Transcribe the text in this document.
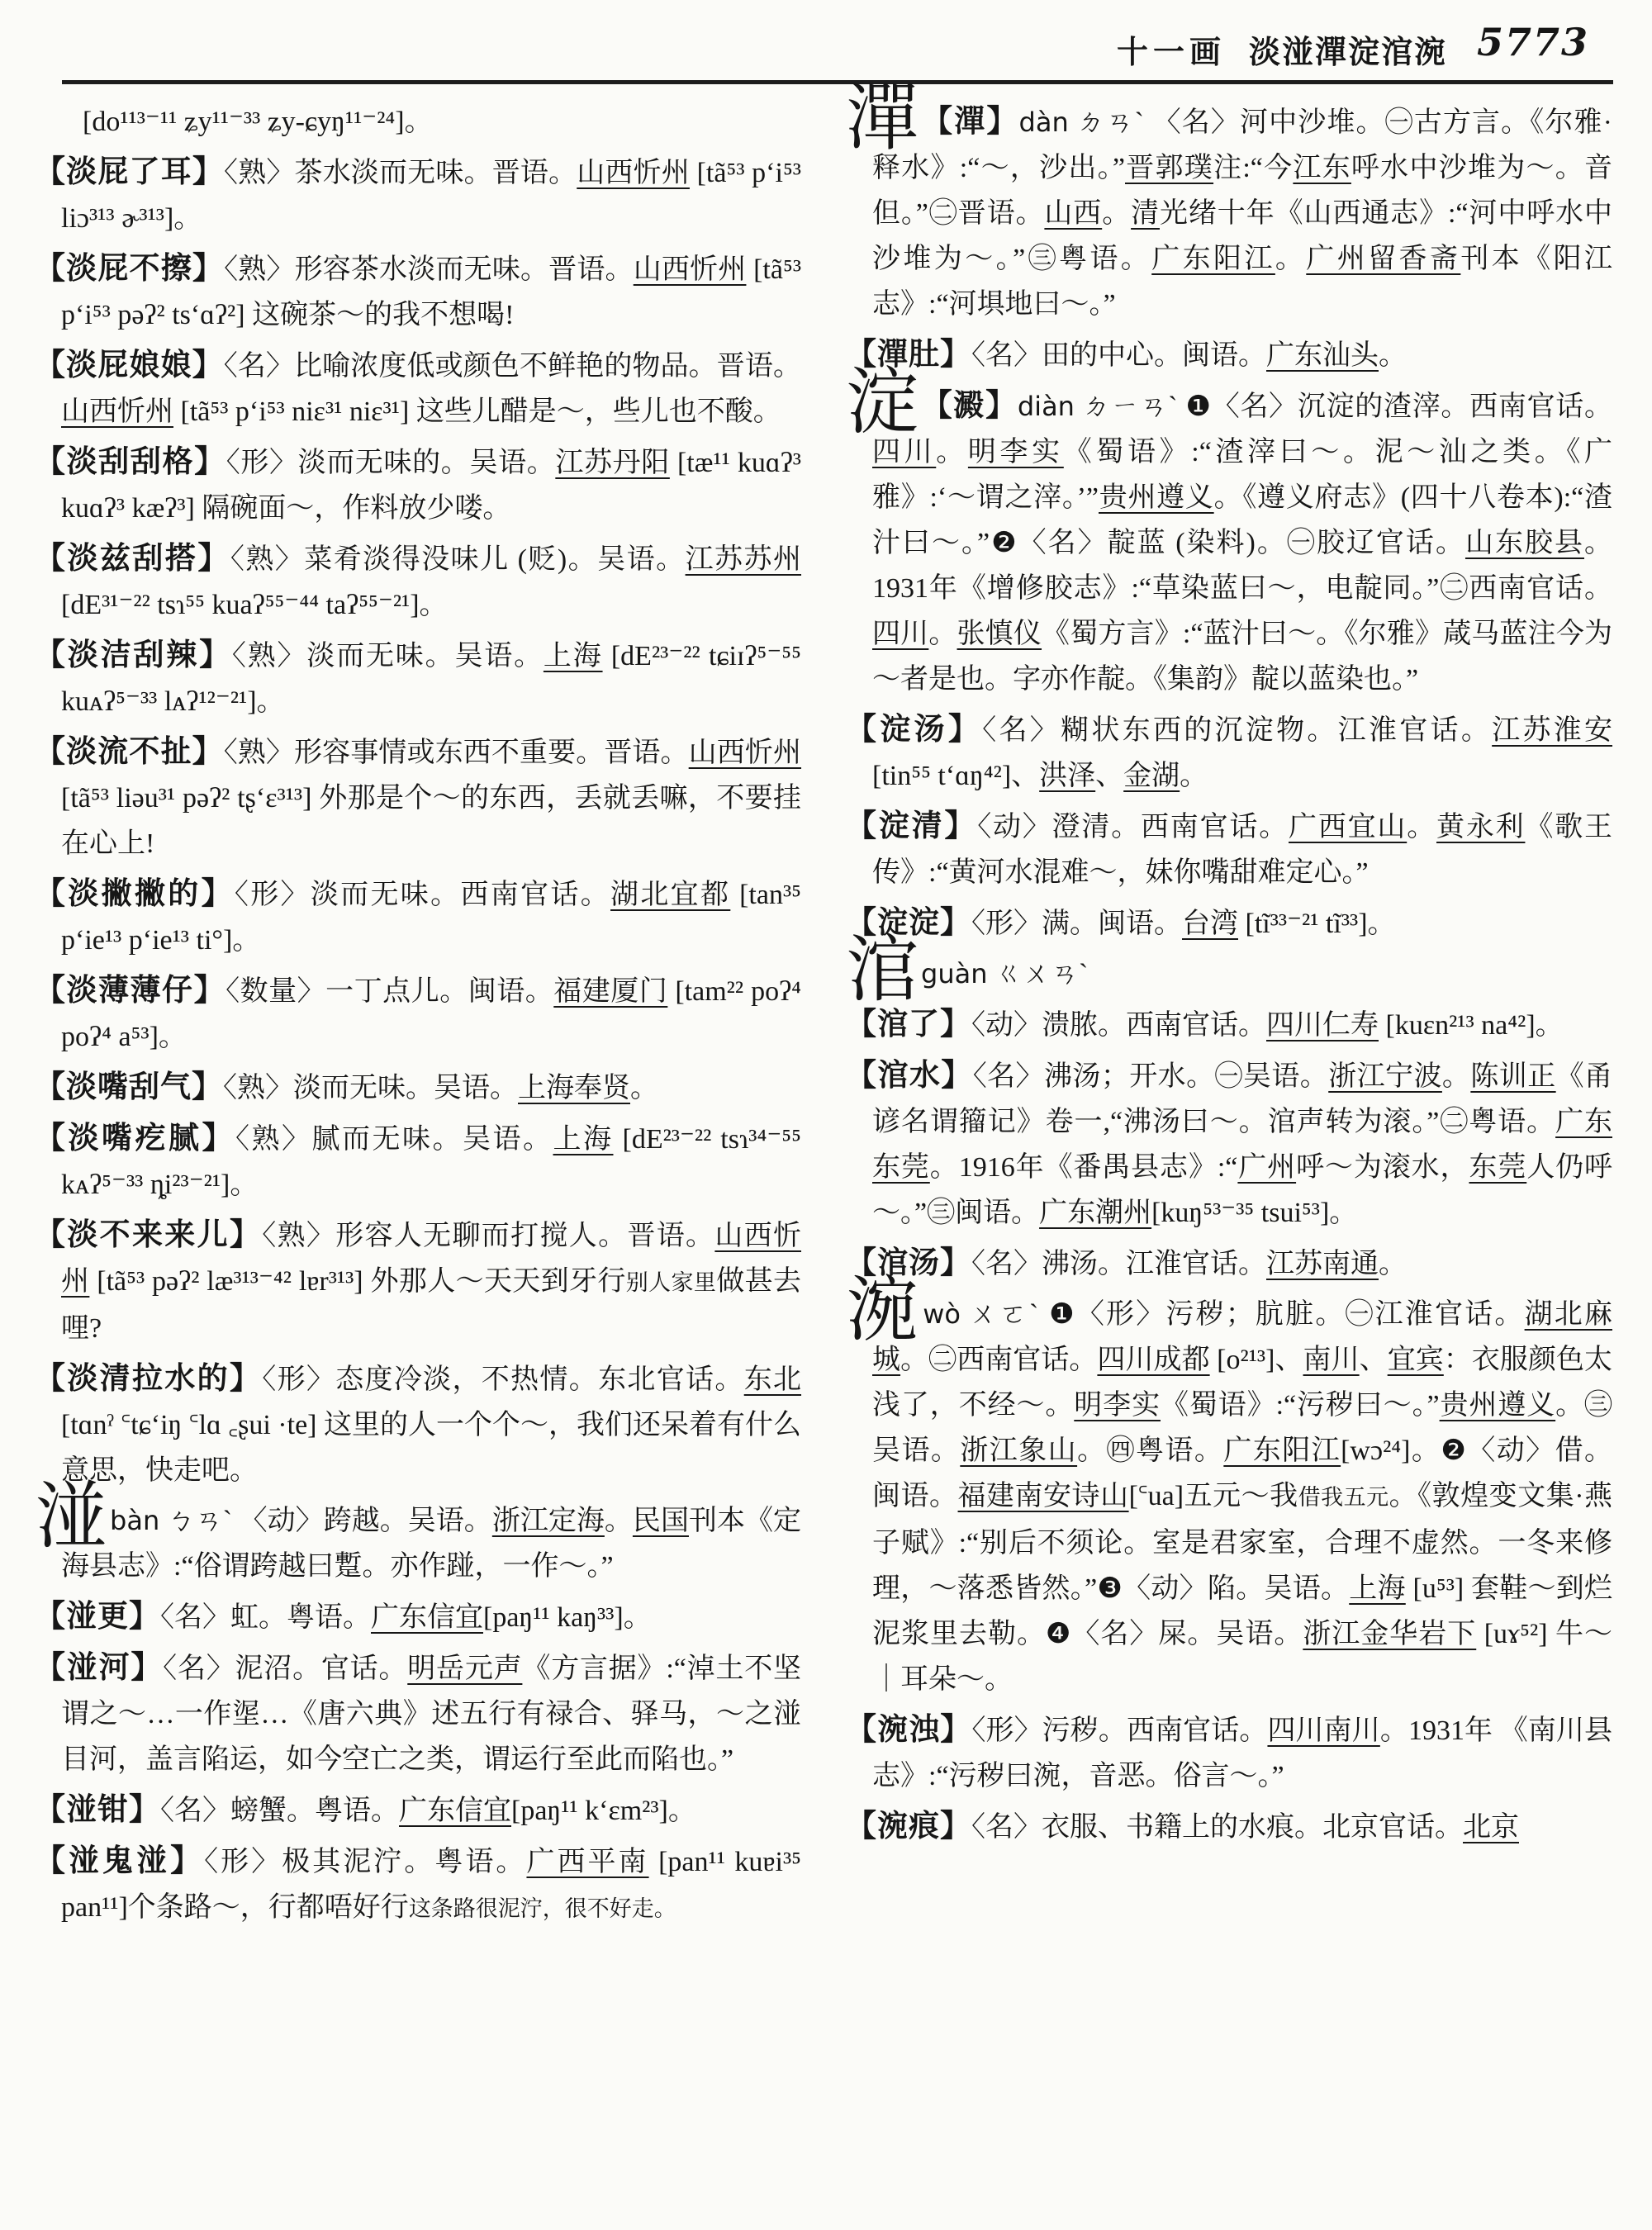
十一画 淡湴潬淀涫涴 5773

[do¹¹³⁻¹¹ ʑy¹¹⁻³³ ʑy-ɕyŋ¹¹⁻²⁴]。

【淡屁了耳】〈熟〉茶水淡而无味。晋语。山西忻州 [tã⁵³ p‘i⁵³ liɔ³¹³ ɚ³¹³]。

【淡屁不擦】〈熟〉形容茶水淡而无味。晋语。山西忻州 [tã⁵³ p‘i⁵³ pəʔ² ts‘ɑʔ²] 这碗茶～的我不想喝!

【淡屁娘娘】〈名〉比喻浓度低或颜色不鲜艳的物品。晋语。山西忻州 [tã⁵³ p‘i⁵³ niɛ³¹ niɛ³¹] 这些儿醋是～，些儿也不酸。

【淡刮刮格】〈形〉淡而无味的。吴语。江苏丹阳 [tæ¹¹ kuɑʔ³ kuɑʔ³ kæʔ³] 隔碗面～，作料放少喽。

【淡兹刮搭】〈熟〉菜肴淡得没味儿 (贬)。吴语。江苏苏州 [dE³¹⁻²² tsɿ⁵⁵ kuaʔ⁵⁵⁻⁴⁴ taʔ⁵⁵⁻²¹]。

【淡洁刮辣】〈熟〉淡而无味。吴语。上海 [dE²³⁻²² tɕiɪʔ⁵⁻⁵⁵ kuᴀʔ⁵⁻³³ lᴀʔ¹²⁻²¹]。

【淡流不扯】〈熟〉形容事情或东西不重要。晋语。山西忻州 [tã⁵³ liəu³¹ pəʔ² tʂ‘ɛ³¹³] 外那是个～的东西，丢就丢嘛，不要挂在心上!

【淡撇撇的】〈形〉淡而无味。西南官话。湖北宜都 [tan³⁵ p‘ie¹³ p‘ie¹³ ti°]。

【淡薄薄仔】〈数量〉一丁点儿。闽语。福建厦门 [tam²² poʔ⁴ poʔ⁴ a⁵³]。

【淡嘴刮气】〈熟〉淡而无味。吴语。上海奉贤。

【淡嘴疙腻】〈熟〉腻而无味。吴语。上海 [dE²³⁻²² tsɿ³⁴⁻⁵⁵ kᴀʔ⁵⁻³³ ȵi²³⁻²¹]。

【淡不来来儿】〈熟〉形容人无聊而打搅人。晋语。山西忻州 [tã⁵³ pəʔ² læ³¹³⁻⁴² lɐr³¹³] 外那人～天天到牙行别人家里做甚去哩?

【淡清拉水的】〈形〉态度冷淡，不热情。东北官话。东北 [tɑnˀ ꜂tɕ‘iŋ ꜂lɑ ꜀ʂui ·te] 这里的人一个个～，我们还呆着有什么意思，快走吧。

湴bàn ㄅㄢˋ 〈动〉跨越。吴语。浙江定海。民国刊本《定海县志》:“俗谓跨越曰蹔。亦作踫，一作～。”

【湴更】〈名〉虹。粤语。广东信宜[paŋ¹¹ kaŋ³³]。

【湴河】〈名〉泥沼。官话。明岳元声《方言据》:“淖土不坚谓之～…一作埿…《唐六典》述五行有禄合、驿马，～之湴目河，盖言陷运，如今空亡之类，谓运行至此而陷也。”

【湴钳】〈名〉螃蟹。粤语。广东信宜[paŋ¹¹ k‘ɛm²³]。

【湴鬼湴】〈形〉极其泥泞。粤语。广西平南 [pan¹¹ kuɐi³⁵ pan¹¹]个条路～，行都唔好行这条路很泥泞，很不好走。

潬【潬】dàn ㄉㄢˋ 〈名〉河中沙堆。㊀古方言。《尔雅·释水》:“～，沙出。”晋郭璞注:“今江东呼水中沙堆为～。音但。”㊁晋语。山西。清光绪十年《山西通志》:“河中呼水中沙堆为～。”㊂粤语。广东阳江。广州留香斋刊本《阳江志》:“河埧地曰～。”

【潬肚】〈名〉田的中心。闽语。广东汕头。

淀【澱】diàn ㄉㄧㄢˋ ❶〈名〉沉淀的渣滓。西南官话。四川。明李实《蜀语》:“渣滓曰～。泥～汕之类。《广雅》:‘～谓之滓。’”贵州遵义。《遵义府志》(四十八卷本):“渣汁曰～。”❷〈名〉靛蓝 (染料)。㊀胶辽官话。山东胶县。1931年《增修胶志》:“草染蓝曰～，电靛同。”㊁西南官话。四川。张慎仪《蜀方言》:“蓝汁曰～。《尔雅》葴马蓝注今为～者是也。字亦作靛。《集韵》靛以蓝染也。”

【淀汤】〈名〉糊状东西的沉淀物。江淮官话。江苏淮安 [tin⁵⁵ t‘ɑŋ⁴²]、洪泽、金湖。

【淀清】〈动〉澄清。西南官话。广西宜山。黄永利《歌王传》:“黄河水混难～，妹你嘴甜难定心。”

【淀淀】〈形〉满。闽语。台湾 [tĩ³³⁻²¹ tĩ³³]。

涫guàn ㄍㄨㄢˋ

【涫了】〈动〉溃脓。西南官话。四川仁寿 [kuɛn²¹³ na⁴²]。

【涫水】〈名〉沸汤；开水。㊀吴语。浙江宁波。陈训正《甬谚名谓籀记》卷一,“沸汤曰～。涫声转为滚。”㊁粤语。广东东莞。1916年《番禺县志》:“广州呼～为滚水，东莞人仍呼～。”㊂闽语。广东潮州[kuŋ⁵³⁻³⁵ tsui⁵³]。

【涫汤】〈名〉沸汤。江淮官话。江苏南通。

涴wò ㄨㄛˋ ❶〈形〉污秽；肮脏。㊀江淮官话。湖北麻城。㊁西南官话。四川成都 [o²¹³]、南川、宜宾：衣服颜色太浅了，不经～。明李实《蜀语》:“污秽曰～。”贵州遵义。㊂吴语。浙江象山。㊃粤语。广东阳江[wɔ²⁴]。❷〈动〉借。闽语。福建南安诗山[꜂ua]五元～我借我五元。《敦煌变文集·燕子赋》:“别后不须论。室是君家室，合理不虚然。一冬来修理，～落悉皆然。”❸〈动〉陷。吴语。上海 [u⁵³] 套鞋～到烂泥浆里去勒。❹〈名〉屎。吴语。浙江金华岩下 [uɤ⁵²] 牛～｜耳朵～。

【涴浊】〈形〉污秽。西南官话。四川南川。1931年 《南川县志》:“污秽曰涴，音恶。俗言～。”

【涴痕】〈名〉衣服、书籍上的水痕。北京官话。北京
